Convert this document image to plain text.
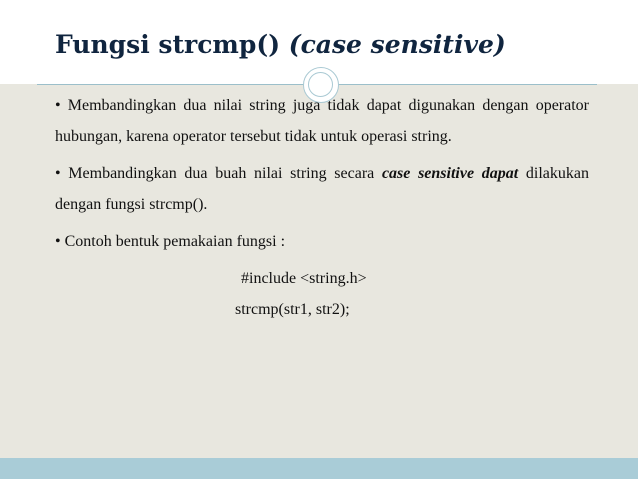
Fungsi strcmp() (case sensitive)

• Membandingkan dua nilai string juga tidak dapat digunakan dengan operator hubungan, karena operator tersebut tidak untuk operasi string.

• Membandingkan dua buah nilai string secara case sensitive dapat dilakukan dengan fungsi strcmp().

• Contoh bentuk pemakaian fungsi :

#include <string.h>

strcmp(str1, str2);
